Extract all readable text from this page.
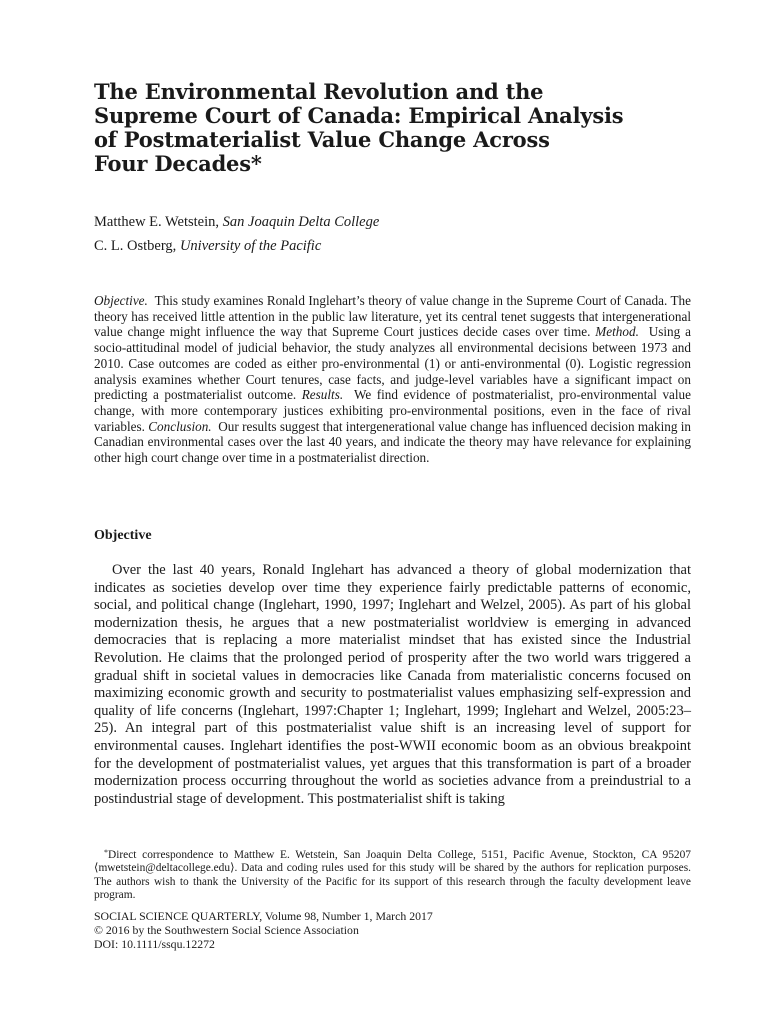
The Environmental Revolution and the
Supreme Court of Canada: Empirical Analysis
of Postmaterialist Value Change Across
Four Decades*
Matthew E. Wetstein, San Joaquin Delta College
C. L. Ostberg, University of the Pacific

Objective. This study examines Ronald Inglehart’s theory of value change in the Supreme Court of Canada. The theory has received little attention in the public law literature, yet its central tenet suggests that intergenerational value change might influence the way that Supreme Court justices decide cases over time. Method. Using a socio-attitudinal model of judicial behavior, the study analyzes all environmental decisions between 1973 and 2010. Case outcomes are coded as either pro-environmental (1) or anti-environmental (0). Logistic regression analysis examines whether Court tenures, case facts, and judge-level variables have a significant impact on predicting a postmaterialist outcome. Results. We find evidence of postmaterialist, pro-environmental value change, with more contemporary justices exhibiting pro-environmental positions, even in the face of rival variables. Conclusion. Our results suggest that intergenerational value change has influenced decision making in Canadian environmental cases over the last 40 years, and indicate the theory may have relevance for explaining other high court change over time in a postmaterialist direction.

Objective

Over the last 40 years, Ronald Inglehart has advanced a theory of global modernization that indicates as societies develop over time they experience fairly predictable patterns of economic, social, and political change (Inglehart, 1990, 1997; Inglehart and Welzel, 2005). As part of his global modernization thesis, he argues that a new postmaterialist worldview is emerging in advanced democracies that is replacing a more materialist mindset that has existed since the Industrial Revolution. He claims that the prolonged period of prosperity after the two world wars triggered a gradual shift in societal values in democracies like Canada from materialistic concerns focused on maximizing economic growth and security to postmaterialist values emphasizing self-expression and quality of life concerns (Inglehart, 1997:Chapter 1; Inglehart, 1999; Inglehart and Welzel, 2005:23–25). An integral part of this postmaterialist value shift is an increasing level of support for environmental causes. Inglehart identifies the post-WWII economic boom as an obvious breakpoint for the development of postmaterialist values, yet argues that this transformation is part of a broader modernization process occurring throughout the world as societies advance from a preindustrial to a postindustrial stage of development. This postmaterialist shift is taking

*Direct correspondence to Matthew E. Wetstein, San Joaquin Delta College, 5151, Pacific Avenue, Stockton, CA 95207 ⟨mwetstein@deltacollege.edu⟩. Data and coding rules used for this study will be shared by the authors for replication purposes. The authors wish to thank the University of the Pacific for its support of this research through the faculty development leave program.

SOCIAL SCIENCE QUARTERLY, Volume 98, Number 1, March 2017
© 2016 by the Southwestern Social Science Association
DOI: 10.1111/ssqu.12272
